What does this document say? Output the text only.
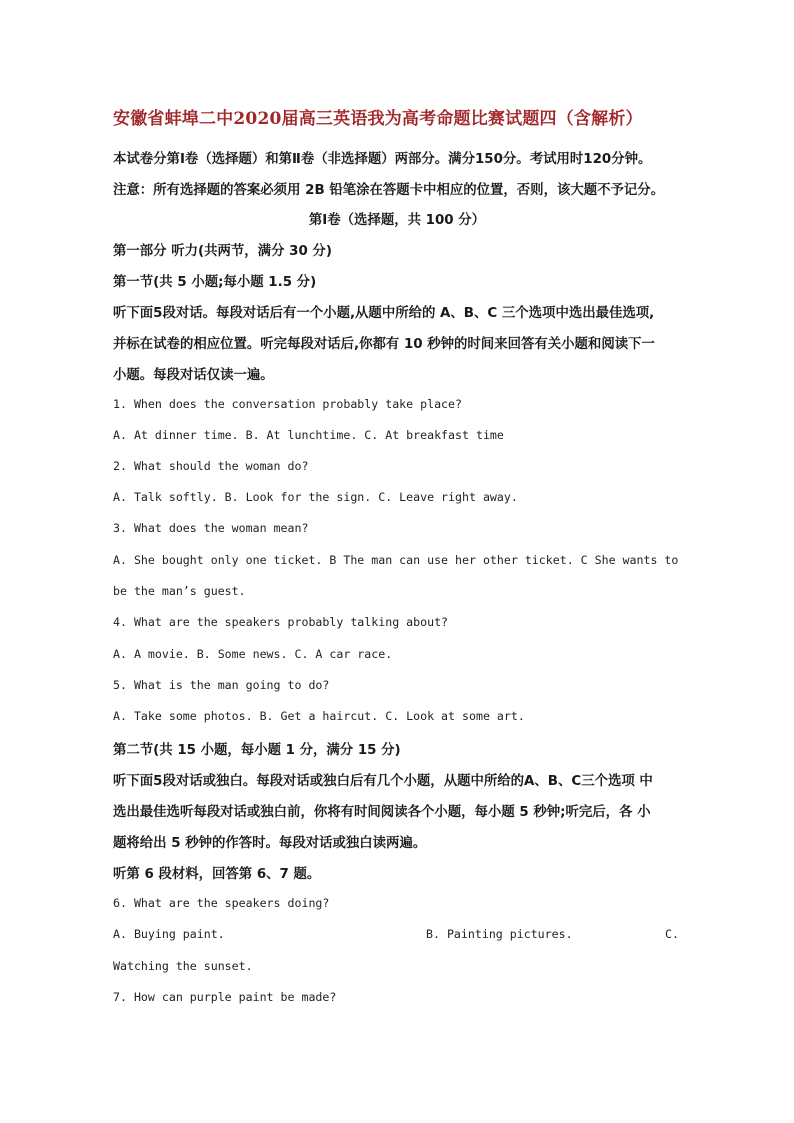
安徽省蚌埠二中2020届高三英语我为高考命题比赛试题四（含解析）
本试卷分第Ⅰ卷（选择题）和第Ⅱ卷（非选择题）两部分。满分150分。考试用时120分钟。
注意：所有选择题的答案必须用 2B 铅笔涂在答题卡中相应的位置，否则，该大题不予记分。
第Ⅰ卷（选择题，共 100 分）
第一部分 听力(共两节，满分 30 分)
第一节(共 5 小题;每小题 1.5 分)
听下面5段对话。每段对话后有一个小题,从题中所给的 A、B、C 三个选项中选出最佳选项,
并标在试卷的相应位置。听完每段对话后,你都有 10 秒钟的时间来回答有关小题和阅读下一
小题。每段对话仅读一遍。
1. When does the conversation probably take place?
A. At dinner time. B. At lunchtime. C. At breakfast time
2. What should the woman do?
A. Talk softly. B. Look for the sign. C. Leave right away.
3. What does the woman mean?
A. She bought only one ticket. B The man can use her other ticket. C She wants to
be the man’s guest.
4. What are the speakers probably talking about?
A. A movie. B. Some news. C. A car race.
5. What is the man going to do?
A. Take some photos. B. Get a haircut. C. Look at some art.
第二节(共 15 小题，每小题 1 分，满分 15 分)
听下面5段对话或独白。每段对话或独白后有几个小题，从题中所给的A、B、C三个选项 中
选出最佳选听每段对话或独白前，你将有时间阅读各个小题，每小题 5 秒钟;听完后，各 小
题将给出 5 秒钟的作答时。每段对话或独白读两遍。
听第 6 段材料，回答第 6、7 题。
6. What are the speakers doing?
A. Buying paint.	B. Painting pictures.	C.
Watching the sunset.
7. How can purple paint be made?
